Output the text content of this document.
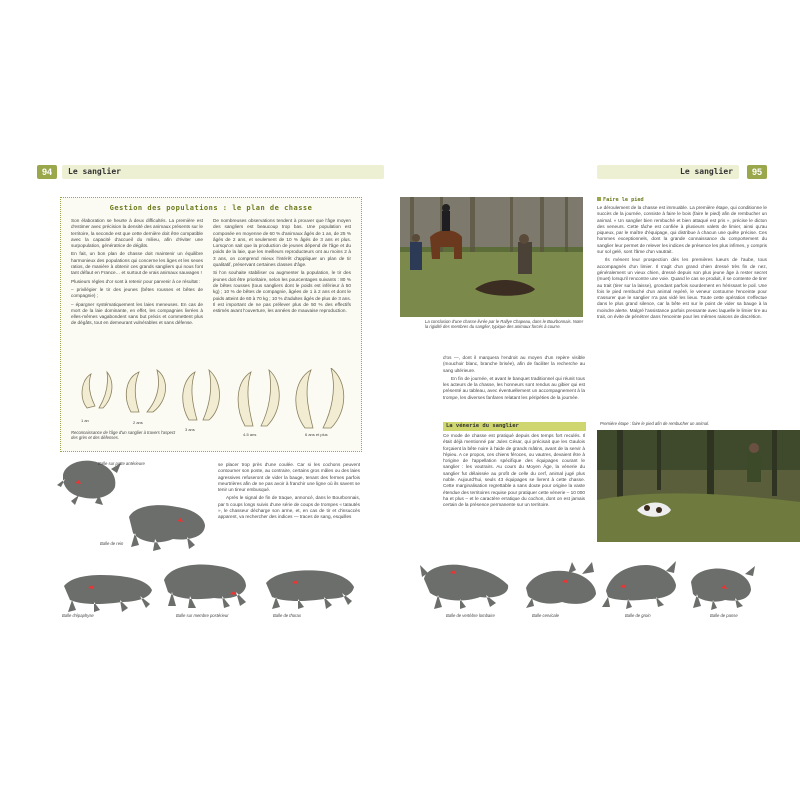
94	Le sanglier
Gestion des populations : le plan de chasse

Son élaboration se heurte à deux difficultés. La première est d'estimer avec précision la densité des animaux présents sur le territoire, la seconde est que cette dernière doit être compatible avec la capacité d'accueil du milieu, afin d'éviter une surpopulation, génératrice de dégâts.

En fait, un bon plan de chasse doit maintenir un équilibre harmonieux des populations qui concerne les âges et les sexes ratios, de manière à obtenir ces grands sangliers qui nous font tant défaut en France… et surtout de vrais animaux sauvages !

Plusieurs règles d'or sont à retenir pour parvenir à ce résultat :

– privilégier le tir des jeunes (bêtes rousses et bêtes de compagnie) ;

– épargner systématiquement les laies meneuses. En cas de mort de la laie dominante, en effet, les compagnies livrées à elles-mêmes vagabondent sans but précis et commettent plus de dégâts, tout en demeurant vulnérables et sans défense.

De nombreuses observations tendent à prouver que l'âge moyen des sangliers est beaucoup trop bas. Une population est composée en moyenne de 60 % d'animaux âgés de 1 an, de 25 % âgés de 2 ans, et seulement de 10 % âgés de 3 ans et plus. Lorsqu'on sait que la production de jeunes dépend de l'âge et du poids de la laie, que les meilleurs reproducteurs ont au moins 2 à 3 ans, on comprend mieux l'intérêt d'appliquer un plan de tir qualitatif, préservant certaines classes d'âge.

Si l'on souhaite stabiliser ou augmenter la population, le tir des jeunes doit être prioritaire, selon les pourcentages suivants : 80 % de bêtes rousses (tous sangliers dont le poids est inférieur à 50 kg) ; 10 % de bêtes de compagnie, âgées de 1 à 2 ans et dont le poids atteint de 60 à 70 kg ; 10 % d'adultes âgés de plus de 3 ans. Il est important de ne pas prélever plus de 50 % des effectifs estimés avant l'ouverture, les années de mauvaise reproduction.

1 an	2 ans
3 ans
4-5 ans	6 ans et plus
Reconnaissance de l'âge d'un sanglier à travers l'aspect des grès et des défenses.
Balle sur patte antérieure
Balle de rein
Balle d'épaphyse	Balle sur membre postérieur	Balle de thorax

se placer trop près d'une coulée. Car si les cochons peuvent contourner son poste, au contraire, certains gros mâles ou des laies agressives refuseront de vider la bauge, tenant des fermes parfois meurtrières afin de ne pas avoir à franchir une ligne où ils savent se tenir un tireur embusqué.

Après le signal de fin de traque, annoncé, dans le Bourbonnais, par 5 coups longs suivis d'une série de coups de trompes « taïautés », le chasseur décharge son arme, et, en cas de tir et d'insuccès apparent, va rechercher des indices — traces de sang, esquilles

Le sanglier	95
La conclusion d'une chasse livrée par le Rallye Chapeau, dans le Bourbonnais. Noter la rigidité des membres du sanglier, typique des animaux forcés à courre.

d'os —, dont il marquera l'endroit au moyen d'un repère visible (mouchoir blanc, branche brisée), afin de faciliter la recherche au sang ultérieure.

En fin de journée, et avant le banquet traditionnel qui réunit tous les acteurs de la chasse, les honneurs sont rendus au gibier qui est présenté au tableau, avec éventuellement un accompagnement à la trompe, les diverses fanfares relatant les péripéties de la journée.

La vénerie du sanglier

Ce mode de chasse est pratiqué depuis des temps fort reculés. Il était déjà mentionné par Jules César, qui précisait que les Gaulois forçaient la bête noire à l'aide de grands mâtins, avant de la servir à l'épieu. A ce propos, ces chiens féroces, ou vautres, devaient être à l'origine de l'appellation spécifique des équipages courant le sanglier : les voutrairs. Au cours du Moyen Âge, la vénerie du sanglier fut délaissée au profit de celle du cerf, animal jugé plus noble. Aujourd'hui, seuls 43 équipages se livrent à cette chasse. Cette marginalisation regrettable a sans doute pour origine la vaste étendue des territoires requise pour pratiquer cette vénerie – 10 000 ha et plus – et le caractère erratique du cochon, dont on est jamais certain de la présence permanente sur un territoire.

Faire le pied

Le déroulement de la chasse est immuable. La première étape, qui conditionne le succès de la journée, consiste à faire le bois (faire le pied) afin de rembucher un animal. « Un sanglier bien rembuché et bien attaqué est pris », précise le dicton des veneurs. Cette tâche est confiée à plusieurs valets de limier, ainsi qu'au piqueux, par le maître d'équipage, qui distribue à chacun une quête précise. Ces hommes exceptionnels, dont la grande connaissance du comportement du sanglier leur permet de relever les indices de présence les plus infimes, y compris sur sol gelé, sont l'âme d'un vautrait.

Ils mènent leur prospection dès les premières lueurs de l'aube, tous accompagnés d'un limier. Il s'agit d'un grand chien dressé très fin de nez, généralement un vieux chien, dressé depuis son plus jeune âge à rester secret (muet) lorsqu'il rencontre une voie. Quand le cas se produit, il se contente de tirer au trait (tirer sur la laisse), grondant parfois sourdement en hérissant le poil. Une fois le pied rembuché d'un animal repéré, le veneur contourne l'enceinte pour s'assurer que le sanglier n'a pas vidé les lieux. Toute cette opération s'effectue dans le plus grand silence, car la bête est sur le point de vider sa bauge à la moindre alerte. Malgré l'assistance parfois pressante avec laquelle le limier tire au trait, on évite de pénétrer dans l'enceinte pour les mêmes raisons de discrétion.

Première étape : faire le pied afin de rembucher un animal.
Balle de vertèbre lombaire	Balle cervicale	Balle de groin	Balle de panse
